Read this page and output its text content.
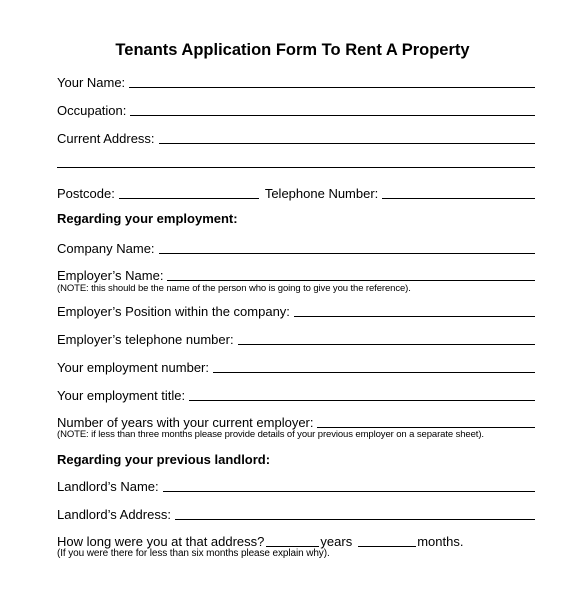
Tenants Application Form To Rent A Property
Your Name:
Occupation:
Current Address:
Postcode:	Telephone Number:
Regarding your employment:
Company Name:
Employer’s Name:
(NOTE: this should be the name of the person who is going to give you the reference).
Employer’s Position within the company:
Employer’s telephone number:
Your employment number:
Your employment title:
Number of years with your current employer:
(NOTE: if less than three months please provide details of your previous employer on a separate sheet).
Regarding your previous landlord:
Landlord’s Name:
Landlord’s Address:
How long were you at that address?	years	months.
(If you were there for less than six months please explain why).
